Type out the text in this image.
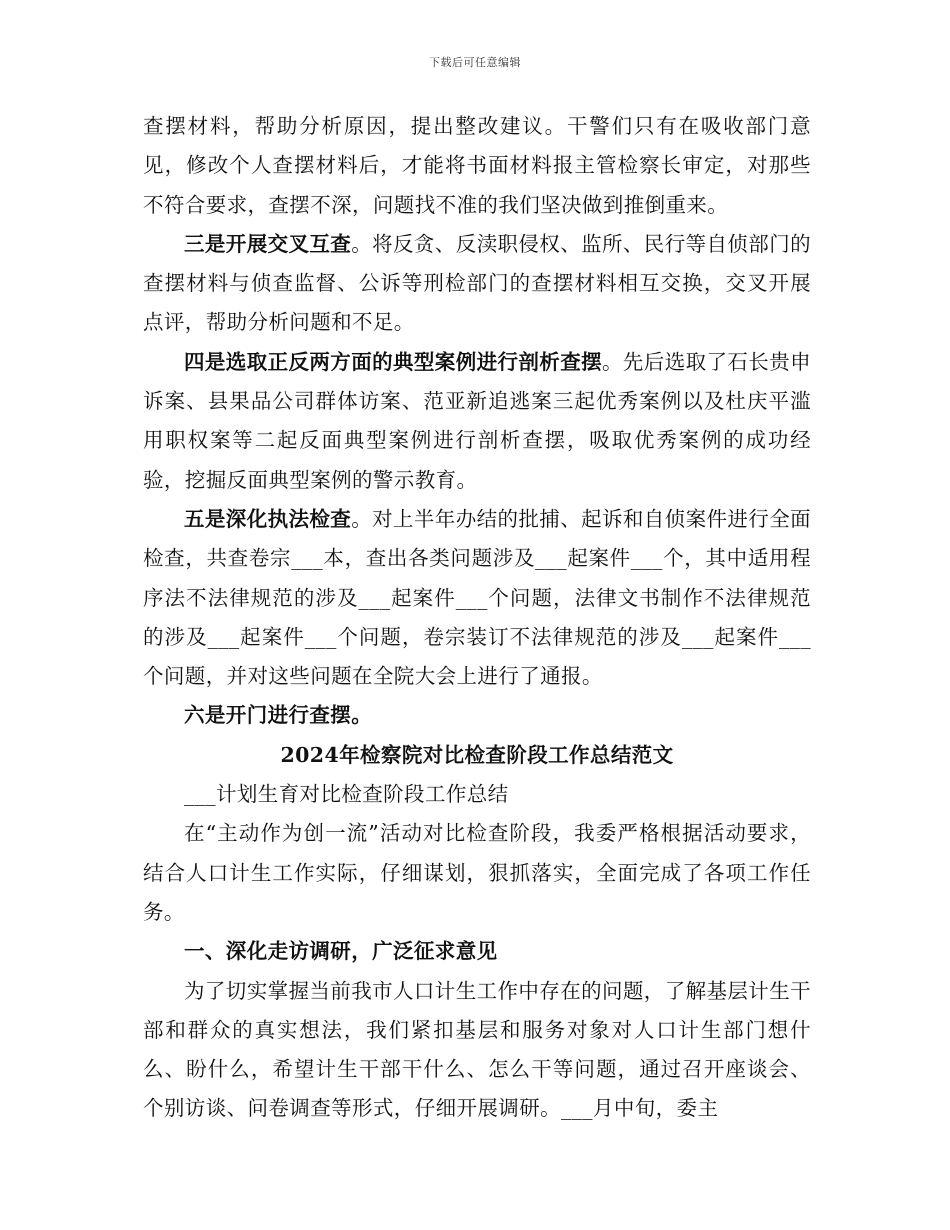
下载后可任意编辑

查摆材料，帮助分析原因，提出整改建议。干警们只有在吸收部门意见，修改个人查摆材料后，才能将书面材料报主管检察长审定，对那些不符合要求，查摆不深，问题找不准的我们坚决做到推倒重来。

三是开展交叉互查。将反贪、反渎职侵权、监所、民行等自侦部门的查摆材料与侦查监督、公诉等刑检部门的查摆材料相互交换，交叉开展点评，帮助分析问题和不足。

四是选取正反两方面的典型案例进行剖析查摆。先后选取了石长贵申诉案、县果品公司群体访案、范亚新追逃案三起优秀案例以及杜庆平滥用职权案等二起反面典型案例进行剖析查摆，吸取优秀案例的成功经验，挖掘反面典型案例的警示教育。

五是深化执法检查。对上半年办结的批捕、起诉和自侦案件进行全面检查，共查卷宗___本，查出各类问题涉及___起案件___个，其中适用程序法不法律规范的涉及___起案件___个问题，法律文书制作不法律规范的涉及___起案件___个问题，卷宗装订不法律规范的涉及___起案件___个问题，并对这些问题在全院大会上进行了通报。

六是开门进行查摆。

2024年检察院对比检查阶段工作总结范文

___计划生育对比检查阶段工作总结

在“主动作为创一流”活动对比检查阶段，我委严格根据活动要求，结合人口计生工作实际，仔细谋划，狠抓落实，全面完成了各项工作任务。

一、深化走访调研，广泛征求意见

为了切实掌握当前我市人口计生工作中存在的问题，了解基层计生干部和群众的真实想法，我们紧扣基层和服务对象对人口计生部门想什么、盼什么，希望计生干部干什么、怎么干等问题，通过召开座谈会、个别访谈、问卷调查等形式，仔细开展调研。___月中旬，委主
